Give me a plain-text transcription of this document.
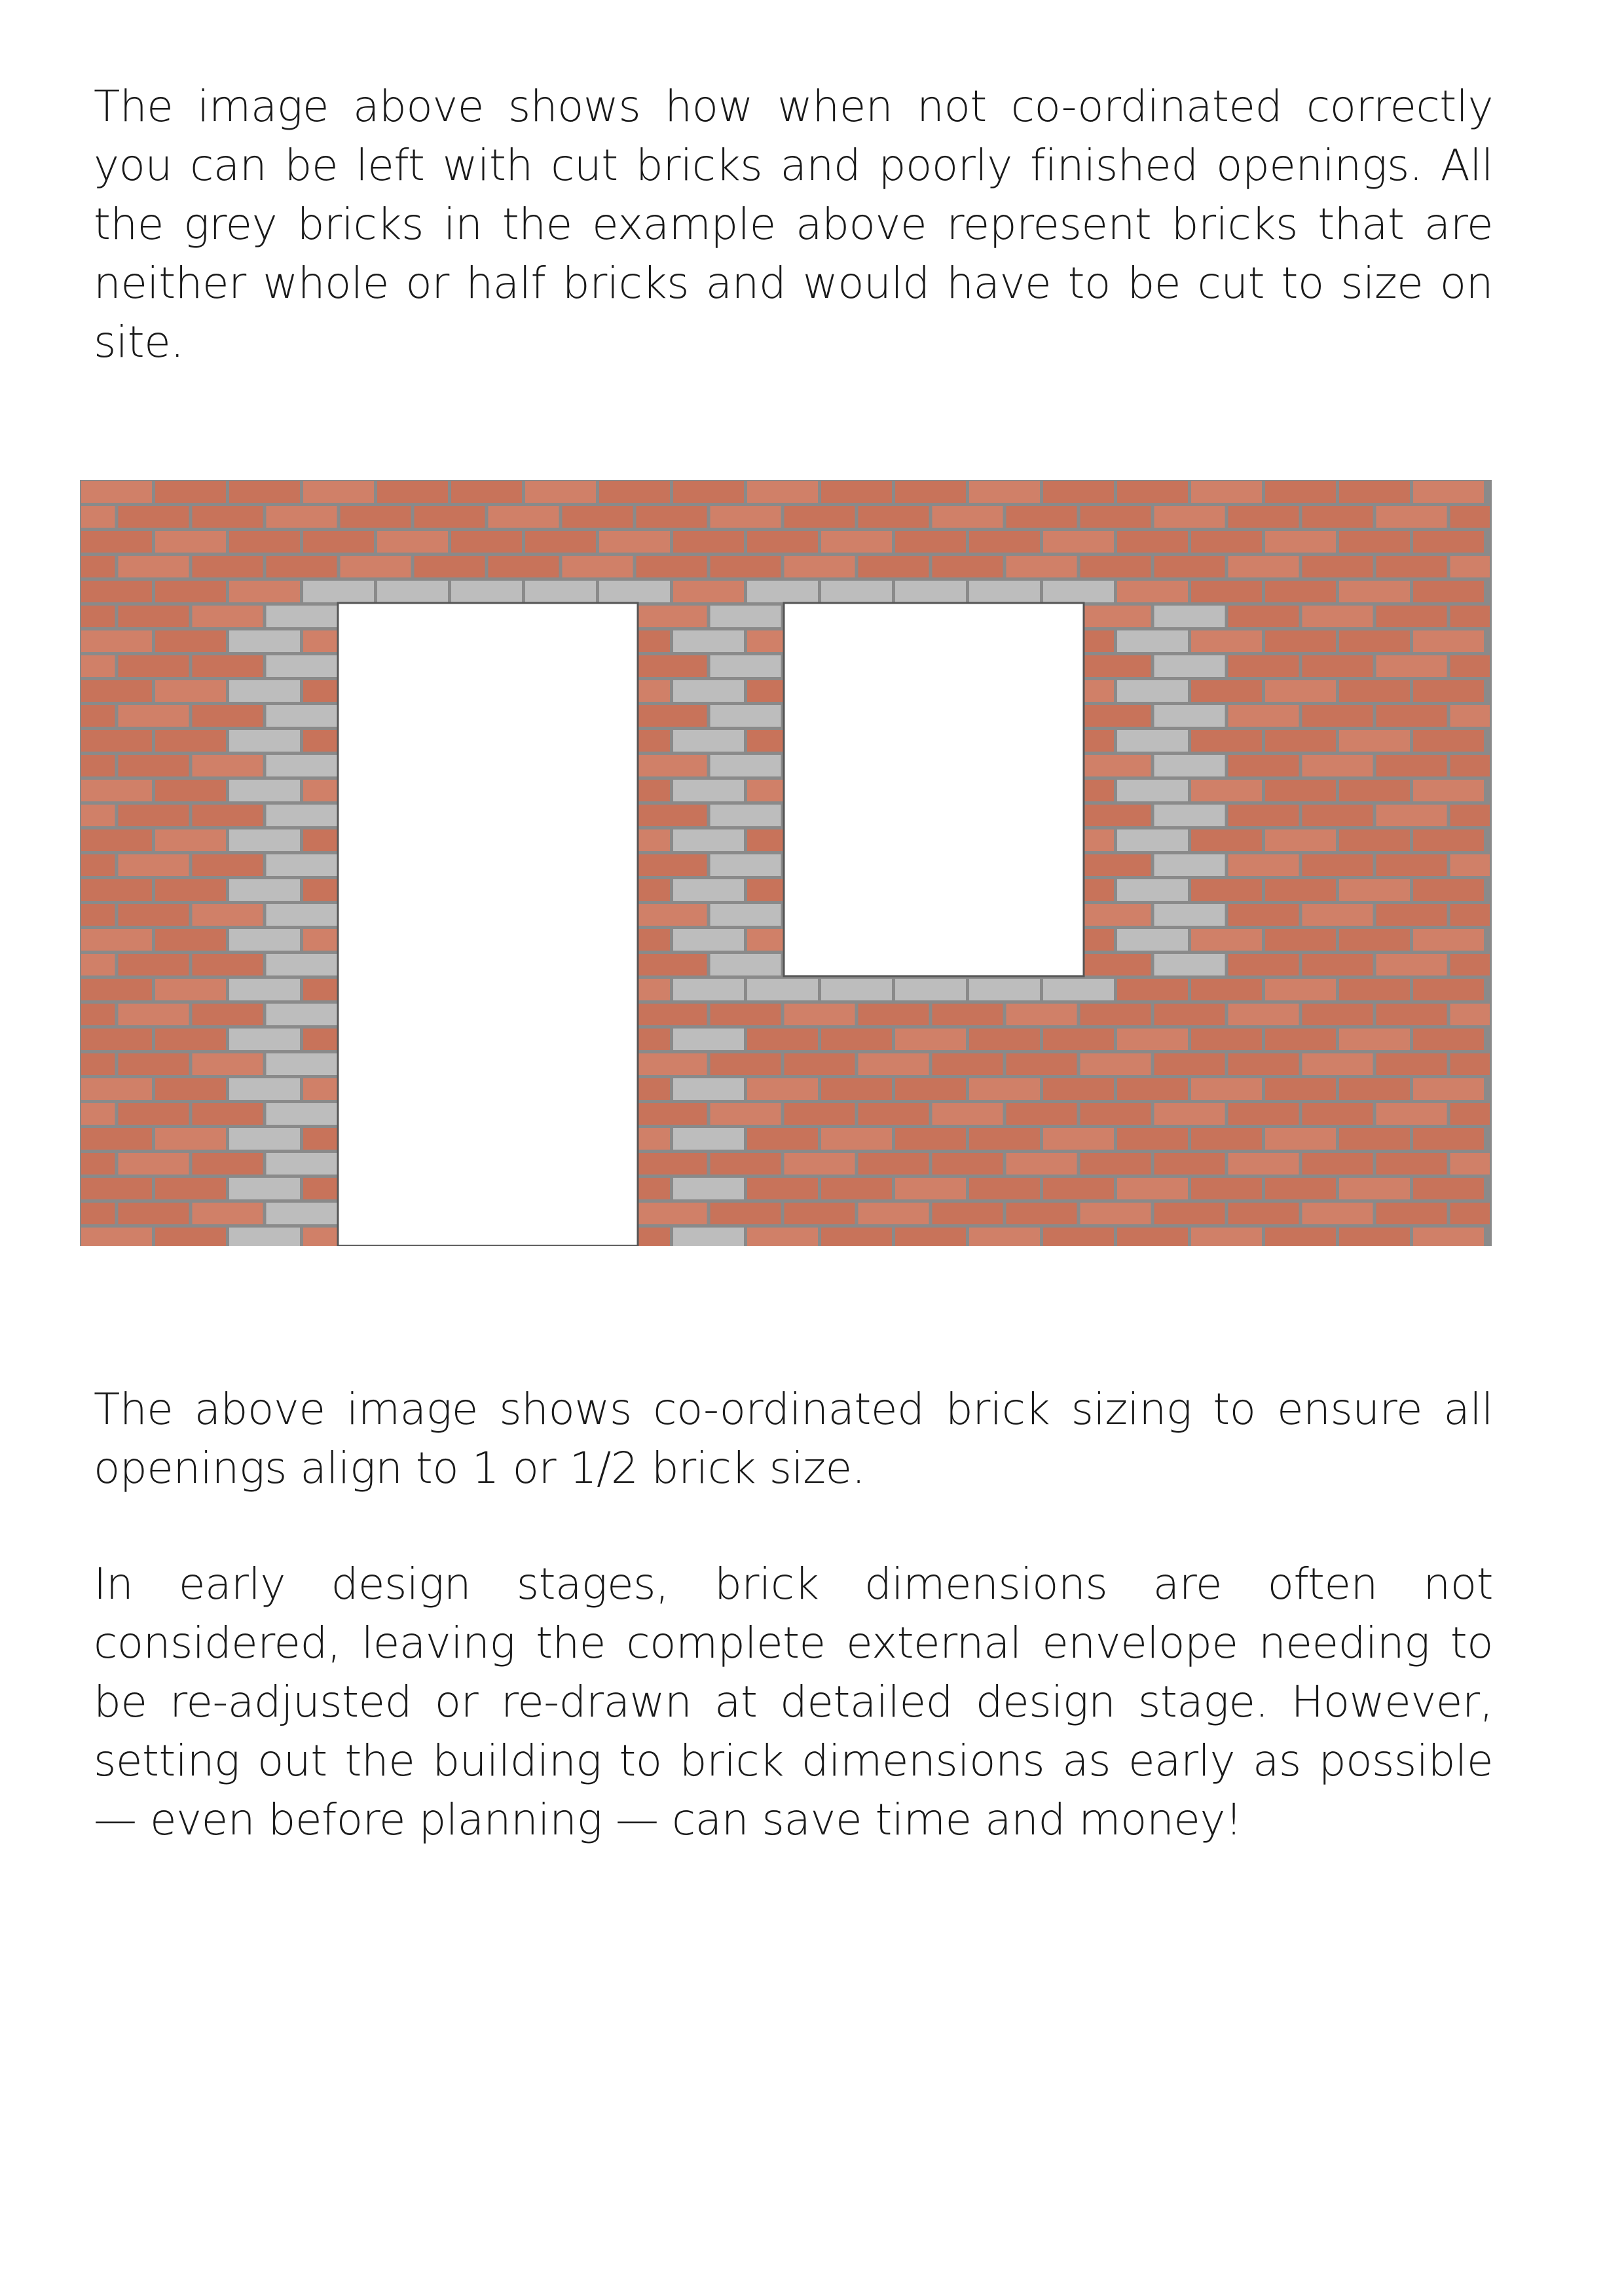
The image above shows how when not co-ordinated correctly you can be left with cut bricks and poorly finished openings. All the grey bricks in the example above represent bricks that are neither whole or half bricks and would have to be cut to size on site.

The above image shows co-ordinated brick sizing to ensure all openings align to 1 or 1/2 brick size.

In early design stages, brick dimensions are often not considered, leaving the complete external envelope needing to be re-adjusted or re-drawn at detailed design stage. However, setting out the building to brick dimensions as early as possible — even before planning — can save time and money!
